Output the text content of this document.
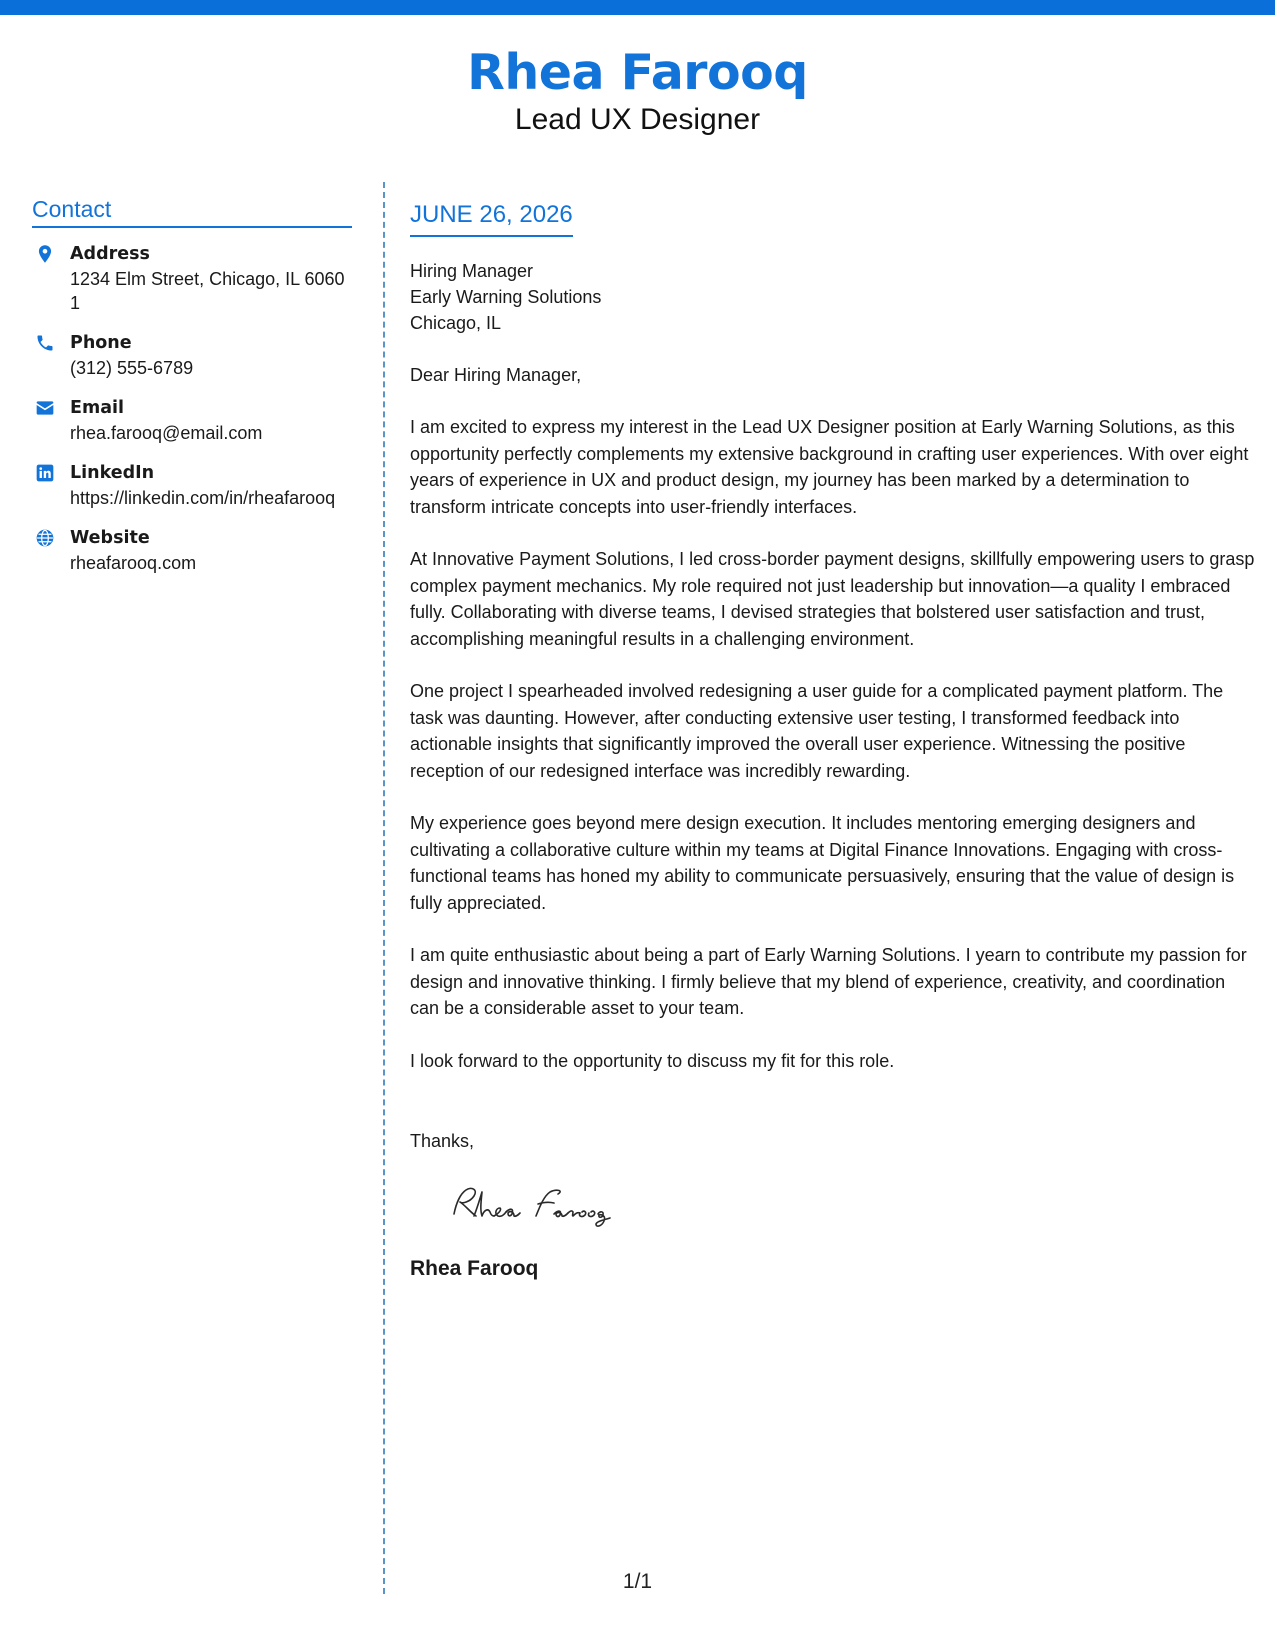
Rhea Farooq
Lead UX Designer
Contact
Address
1234 Elm Street, Chicago, IL 60601
Phone
(312) 555-6789
Email
rhea.farooq@email.com
LinkedIn
https://linkedin.com/in/rheafarooq
Website
rheafarooq.com
JUNE 26, 2026
Hiring Manager
Early Warning Solutions
Chicago, IL
Dear Hiring Manager,
I am excited to express my interest in the Lead UX Designer position at Early Warning Solutions, as this opportunity perfectly complements my extensive background in crafting user experiences. With over eight years of experience in UX and product design, my journey has been marked by a determination to transform intricate concepts into user-friendly interfaces.
At Innovative Payment Solutions, I led cross-border payment designs, skillfully empowering users to grasp complex payment mechanics. My role required not just leadership but innovation—a quality I embraced fully. Collaborating with diverse teams, I devised strategies that bolstered user satisfaction and trust, accomplishing meaningful results in a challenging environment.
One project I spearheaded involved redesigning a user guide for a complicated payment platform. The task was daunting. However, after conducting extensive user testing, I transformed feedback into actionable insights that significantly improved the overall user experience. Witnessing the positive reception of our redesigned interface was incredibly rewarding.
My experience goes beyond mere design execution. It includes mentoring emerging designers and cultivating a collaborative culture within my teams at Digital Finance Innovations. Engaging with cross-functional teams has honed my ability to communicate persuasively, ensuring that the value of design is fully appreciated.
I am quite enthusiastic about being a part of Early Warning Solutions. I yearn to contribute my passion for design and innovative thinking. I firmly believe that my blend of experience, creativity, and coordination can be a considerable asset to your team.
I look forward to the opportunity to discuss my fit for this role.
Thanks,
Rhea Farooq
Rhea Farooq
1/1
